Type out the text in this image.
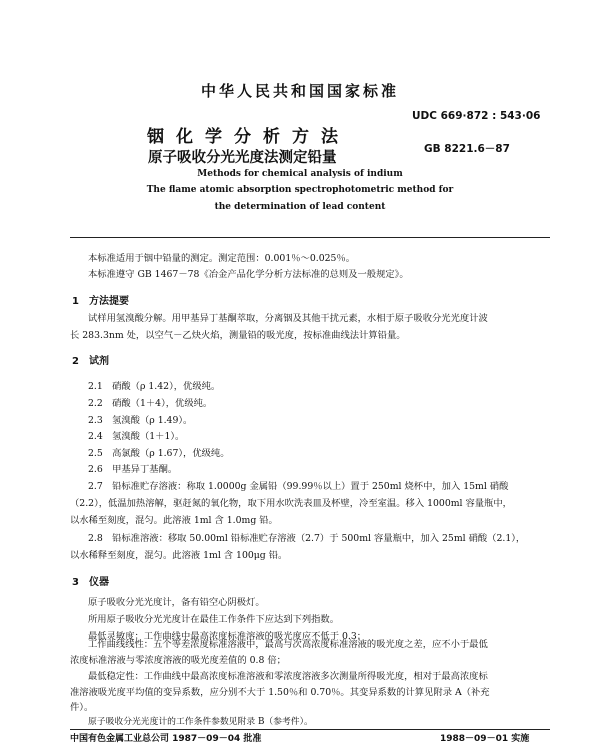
中华人民共和国国家标准
UDC 669·872 : 543·06
铟化学分析方法
GB 8221.6－87
原子吸收分光光度法测定铅量
Methods for chemical analysis of indium
The flame atomic absorption spectrophotometric method for
the determination of lead content
本标准适用于铟中铅量的测定。测定范围：0.001％～0.025％。
本标准遵守 GB 1467－78《冶金产品化学分析方法标准的总则及一般规定》。
1　方法提要
试样用氢溴酸分解。用甲基异丁基酮萃取，分离铟及其他干扰元素，水相于原子吸收分光光度计波
长 283.3nm 处，以空气－乙炔火焰，测量铅的吸光度，按标准曲线法计算铅量。
2　试剂
2.1　硝酸（ρ 1.42），优级纯。
2.2　硝酸（1＋4），优级纯。
2.3　氢溴酸（ρ 1.49）。
2.4　氢溴酸（1＋1）。
2.5　高氯酸（ρ 1.67），优级纯。
2.6　甲基异丁基酮。
2.7　铅标准贮存溶液：称取 1.0000g 金属铅（99.99％以上）置于 250ml 烧杯中，加入 15ml 硝酸
（2.2），低温加热溶解，驱赶氮的氧化物，取下用水吹洗表皿及杯壁，冷至室温。移入 1000ml 容量瓶中，
以水稀至刻度，混匀。此溶液 1ml 含 1.0mg 铅。
2.8　铅标准溶液：移取 50.00ml 铅标准贮存溶液（2.7）于 500ml 容量瓶中，加入 25ml 硝酸（2.1），
以水稀释至刻度，混匀。此溶液 1ml 含 100μg 铅。
3　仪器
原子吸收分光光度计，备有铅空心阴极灯。
所用原子吸收分光光度计在最佳工作条件下应达到下列指数。
最低灵敏度：工作曲线中最高浓度标准溶液的吸光度应不低于 0.3；
工作曲线线性：五个等差浓度标准溶液中，最高与次高浓度标准溶液的吸光度之差，应不小于最低
浓度标准溶液与零浓度溶液的吸光度差值的 0.8 倍；
最低稳定性：工作曲线中最高浓度标准溶液和零浓度溶液多次测量所得吸光度，相对于最高浓度标
准溶液吸光度平均值的变异系数，应分别不大于 1.50％和 0.70％。其变异系数的计算见附录 A（补充
件）。
原子吸收分光光度计的工作条件参数见附录 B（参考件）。
中国有色金属工业总公司 1987－09－04 批准	1988－09－01 实施
